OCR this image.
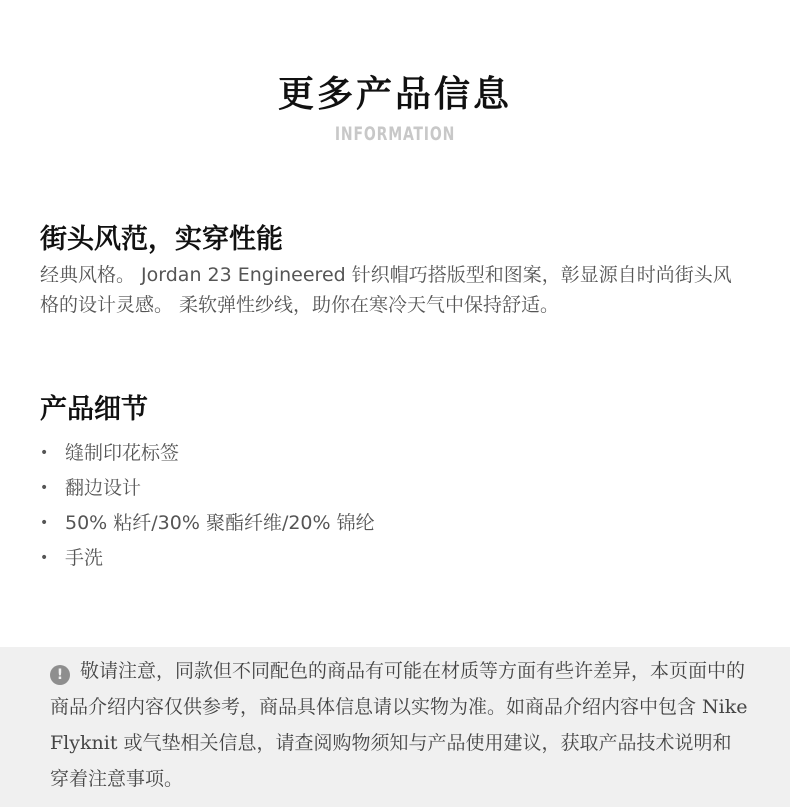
更多产品信息
INFORMATION
街头风范，实穿性能
经典风格。 Jordan 23 Engineered 针织帽巧搭版型和图案，彰显源自时尚街头风格的设计灵感。 柔软弹性纱线，助你在寒冷天气中保持舒适。
产品细节
• 缝制印花标签
• 翻边设计
• 50% 粘纤/30% 聚酯纤维/20% 锦纶
• 手洗
! 敬请注意，同款但不同配色的商品有可能在材质等方面有些许差异，本页面中的商品介绍内容仅供参考，商品具体信息请以实物为准。如商品介绍内容中包含 Nike Flyknit 或气垫相关信息，请查阅购物须知与产品使用建议，获取产品技术说明和穿着注意事项。
